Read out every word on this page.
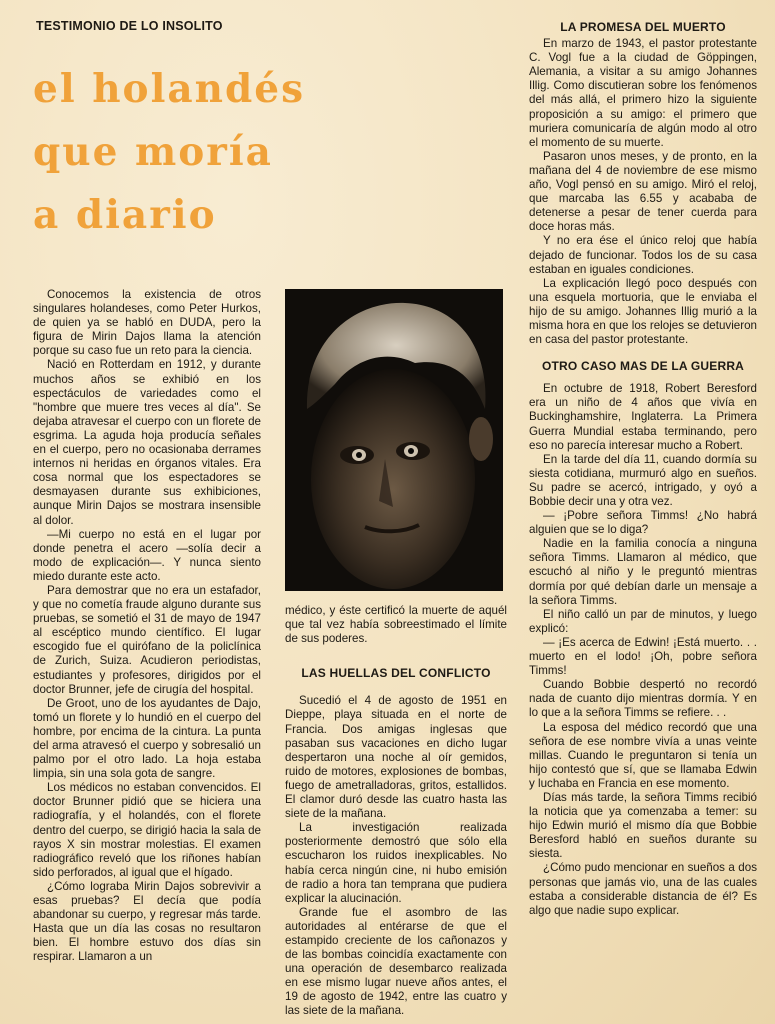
TESTIMONIO DE LO INSOLITO
el holandés
que moría
a diario

Conocemos la existencia de otros singulares holandeses, como Peter Hurkos, de quien ya se habló en DUDA, pero la figura de Mirin Dajos llama la atención porque su caso fue un reto para la ciencia.

Nació en Rotterdam en 1912, y durante muchos años se exhibió en los espectáculos de variedades como el "hombre que muere tres veces al día". Se dejaba atravesar el cuerpo con un florete de esgrima. La aguda hoja producía señales en el cuerpo, pero no ocasionaba derrames internos ni heridas en órganos vitales. Era cosa normal que los espectadores se desmayasen durante sus exhibiciones, aunque Mirin Dajos se mostrara insensible al dolor.

—Mi cuerpo no está en el lugar por donde penetra el acero —solía decir a modo de explicación—. Y nunca siento miedo durante este acto.

Para demostrar que no era un estafador, y que no cometía fraude alguno durante sus pruebas, se sometió el 31 de mayo de 1947 al escéptico mundo científico. El lugar escogido fue el quirófano de la policlínica de Zurich, Suiza. Acudieron periodistas, estudiantes y profesores, dirigidos por el doctor Brunner, jefe de cirugía del hospital.

De Groot, uno de los ayudantes de Dajo, tomó un florete y lo hundió en el cuerpo del hombre, por encima de la cintura. La punta del arma atravesó el cuerpo y sobresalió un palmo por el otro lado. La hoja estaba limpia, sin una sola gota de sangre.

Los médicos no estaban convencidos. El doctor Brunner pidió que se hiciera una radiografía, y el holandés, con el florete dentro del cuerpo, se dirigió hacia la sala de rayos X sin mostrar molestias. El examen radiográfico reveló que los riñones habían sido perforados, al igual que el hígado.

¿Cómo lograba Mirin Dajos sobrevivir a esas pruebas? El decía que podía abandonar su cuerpo, y regresar más tarde. Hasta que un día las cosas no resultaron bien. El hombre estuvo dos días sin respirar. Llamaron a un

médico, y éste certificó la muerte de aquél que tal vez había sobreestimado el límite de sus poderes.

LAS HUELLAS DEL CONFLICTO

Sucedió el 4 de agosto de 1951 en Dieppe, playa situada en el norte de Francia. Dos amigas inglesas que pasaban sus vacaciones en dicho lugar despertaron una noche al oír gemidos, ruido de motores, explosiones de bombas, fuego de ametralladoras, gritos, estallidos. El clamor duró desde las cuatro hasta las siete de la mañana.

La investigación realizada posteriormente demostró que sólo ella escucharon los ruidos inexplicables. No había cerca ningún cine, ni hubo emisión de radio a hora tan temprana que pudiera explicar la alucinación.

Grande fue el asombro de las autoridades al entérarse de que el estampido creciente de los cañonazos y de las bombas coincidía exactamente con una operación de desembarco realizada en ese mismo lugar nueve años antes, el 19 de agosto de 1942, entre las cuatro y las siete de la mañana.

LA PROMESA DEL MUERTO

En marzo de 1943, el pastor protestante C. Vogl fue a la ciudad de Göppingen, Alemania, a visitar a su amigo Johannes Illig. Como discutieran sobre los fenómenos del más allá, el primero hizo la siguiente proposición a su amigo: el primero que muriera comunicaría de algún modo al otro el momento de su muerte.

Pasaron unos meses, y de pronto, en la mañana del 4 de noviembre de ese mismo año, Vogl pensó en su amigo. Miró el reloj, que marcaba las 6.55 y acababa de detenerse a pesar de tener cuerda para doce horas más.

Y no era ése el único reloj que había dejado de funcionar. Todos los de su casa estaban en iguales condiciones.

La explicación llegó poco después con una esquela mortuoria, que le enviaba el hijo de su amigo. Johannes Illig murió a la misma hora en que los relojes se detuvieron en casa del pastor protestante.

OTRO CASO MAS DE LA GUERRA

En octubre de 1918, Robert Beresford era un niño de 4 años que vivía en Buckinghamshire, Inglaterra. La Primera Guerra Mundial estaba terminando, pero eso no parecía interesar mucho a Robert.

En la tarde del día 11, cuando dormía su siesta cotidiana, murmuró algo en sueños. Su padre se acercó, intrigado, y oyó a Bobbie decir una y otra vez.

— ¡Pobre señora Timms! ¿No habrá alguien que se lo diga?

Nadie en la familia conocía a ninguna señora Timms. Llamaron al médico, que escuchó al niño y le preguntó mientras dormía por qué debían darle un mensaje a la señora Timms.

El niño calló un par de minutos, y luego explicó:

— ¡Es acerca de Edwin! ¡Está muerto. . . muerto en el lodo! ¡Oh, pobre señora Timms!

Cuando Bobbie despertó no recordó nada de cuanto dijo mientras dormía. Y en lo que a la señora Timms se refiere. . .

La esposa del médico recordó que una señora de ese nombre vivía a unas veinte millas. Cuando le preguntaron si tenía un hijo contestó que sí, que se llamaba Edwin y luchaba en Francia en ese momento.

Días más tarde, la señora Timms recibió la noticia que ya comenzaba a temer: su hijo Edwin murió el mismo día que Bobbie Beresford habló en sueños durante su siesta.

¿Cómo pudo mencionar en sueños a dos personas que jamás vio, una de las cuales estaba a considerable distancia de él? Es algo que nadie supo explicar.
